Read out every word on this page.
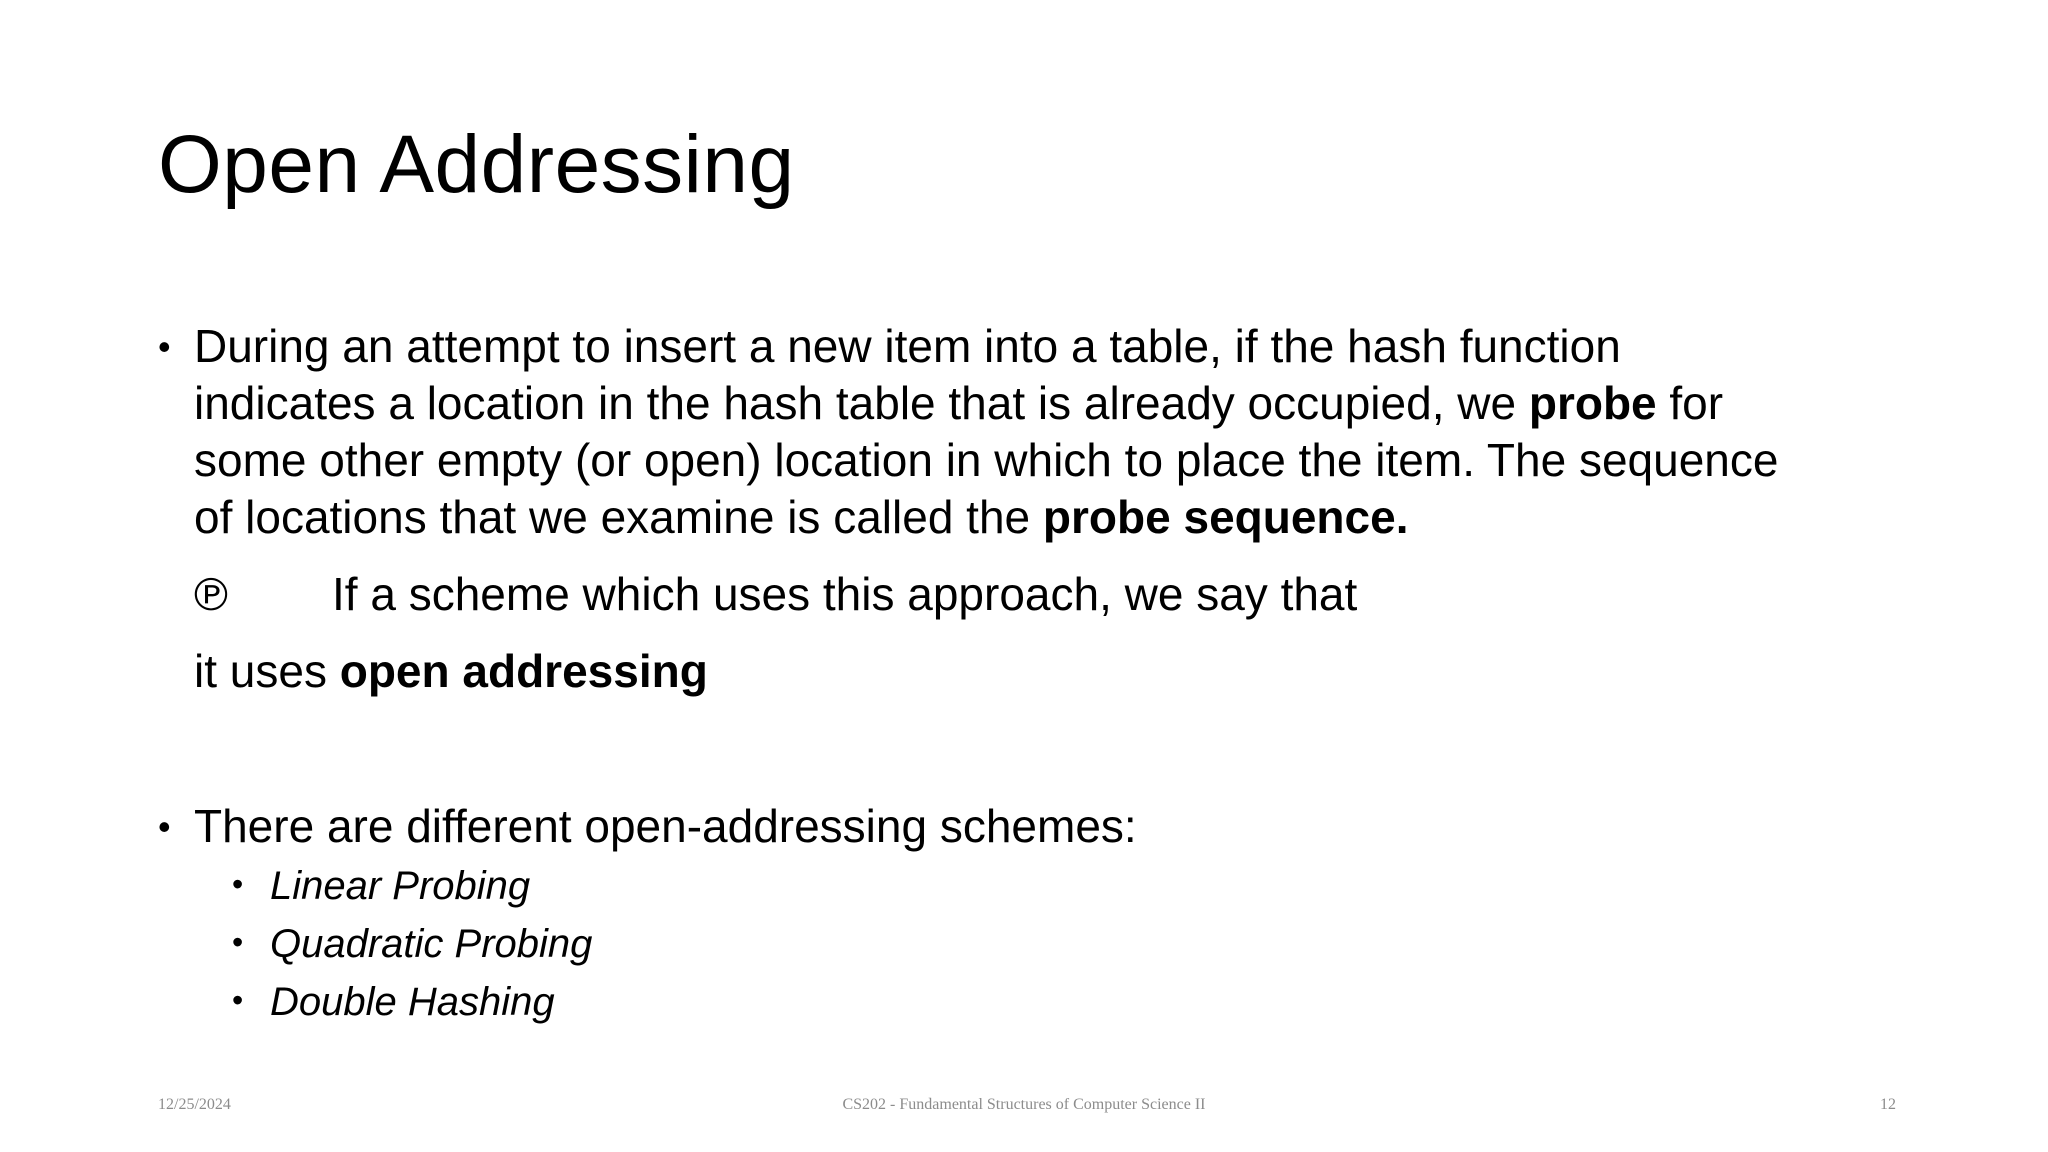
Open Addressing
• During an attempt to insert a new item into a table, if the hash function
indicates a location in the hash table that is already occupied, we probe for
some other empty (or open) location in which to place the item. The sequence
of locations that we examine is called the probe sequence.
℗ If a scheme which uses this approach, we say that
it uses open addressing
• There are different open-addressing schemes:
• Linear Probing
• Quadratic Probing
• Double Hashing
12/25/2024	CS202 - Fundamental Structures of Computer Science II	12
